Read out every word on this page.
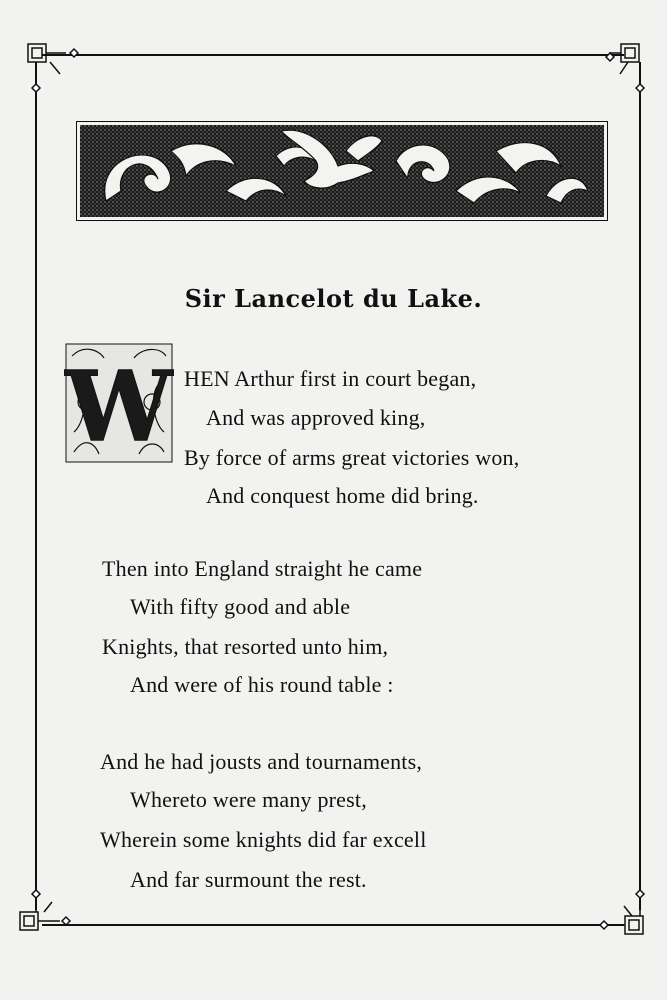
Sir Lancelot du Lake.
W HEN Arthur first in court began,
And was approved king,
By force of arms great victories won,
And conquest home did bring.
Then into England straight he came
With fifty good and able
Knights, that resorted unto him,
And were of his round table :
And he had jousts and tournaments,
Whereto were many prest,
Wherein some knights did far excell
And far surmount the rest.
